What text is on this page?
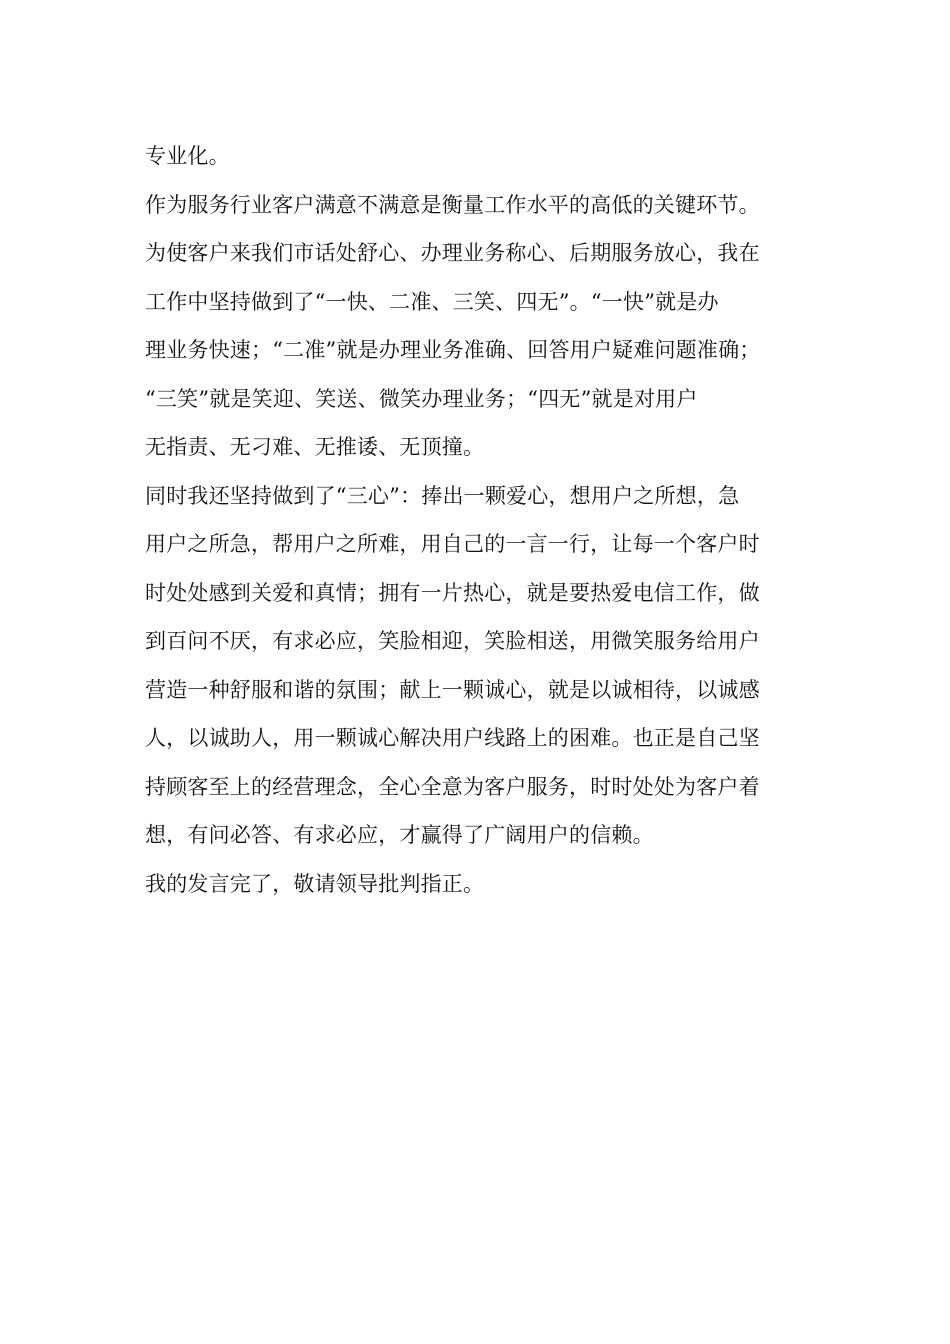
专业化。
作为服务行业客户满意不满意是衡量工作水平的高低的关键环节。
为使客户来我们市话处舒心、办理业务称心、后期服务放心，我在
工作中坚持做到了“一快、二准、三笑、四无”。“一快”就是办
理业务快速；“二准”就是办理业务准确、回答用户疑难问题准确；
“三笑”就是笑迎、笑送、微笑办理业务；“四无”就是对用户
无指责、无刁难、无推诿、无顶撞。
同时我还坚持做到了“三心”：捧出一颗爱心，想用户之所想，急
用户之所急，帮用户之所难，用自己的一言一行，让每一个客户时
时处处感到关爱和真情；拥有一片热心，就是要热爱电信工作，做
到百问不厌，有求必应，笑脸相迎，笑脸相送，用微笑服务给用户
营造一种舒服和谐的氛围；献上一颗诚心，就是以诚相待，以诚感
人，以诚助人，用一颗诚心解决用户线路上的困难。也正是自己坚
持顾客至上的经营理念，全心全意为客户服务，时时处处为客户着
想，有问必答、有求必应，才赢得了广阔用户的信赖。
我的发言完了，敬请领导批判指正。
